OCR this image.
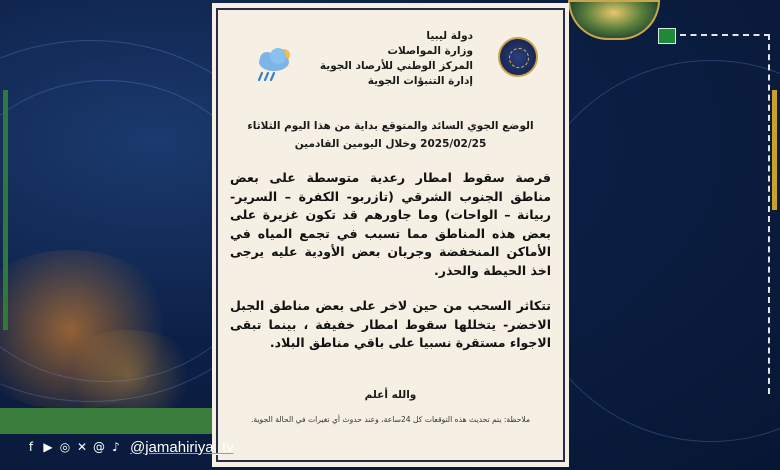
دولة ليبيا
وزارة المواصلات
المركز الوطني للأرصاد الجوية
إدارة التنبؤات الجوية
الوضع الجوي السائد والمتوقع بداية من هذا اليوم الثلاثاء
2025/02/25 وخلال اليومين القادمين
فرصة سقوط امطار رعدية متوسطة على بعض مناطق الجنوب الشرقي (تازربو- الكفرة – السرير- ربيانة – الواحات) وما جاورهم قد تكون غزيرة على بعض هذه المناطق مما تسبب في تجمع المياه في الأماكن المنخفضة وجريان بعض الأودية عليه يرجى اخذ الحيطة والحذر.
تتكاثر السحب من حين لاخر على بعض مناطق الجبل الاخضر- يتخللها سقوط امطار خفيفة ، بينما تبقى الاجواء مستقرة نسبيا على باقي مناطق البلاد.
والله أعلم
ملاحظة: يتم تحديث هذه التوقعات كل 24ساعة، وعند حدوث أي تغيرات في الحالة الجوية.
f ▶ ◎ ✕ @ ♪ @jamahiriya_tv
